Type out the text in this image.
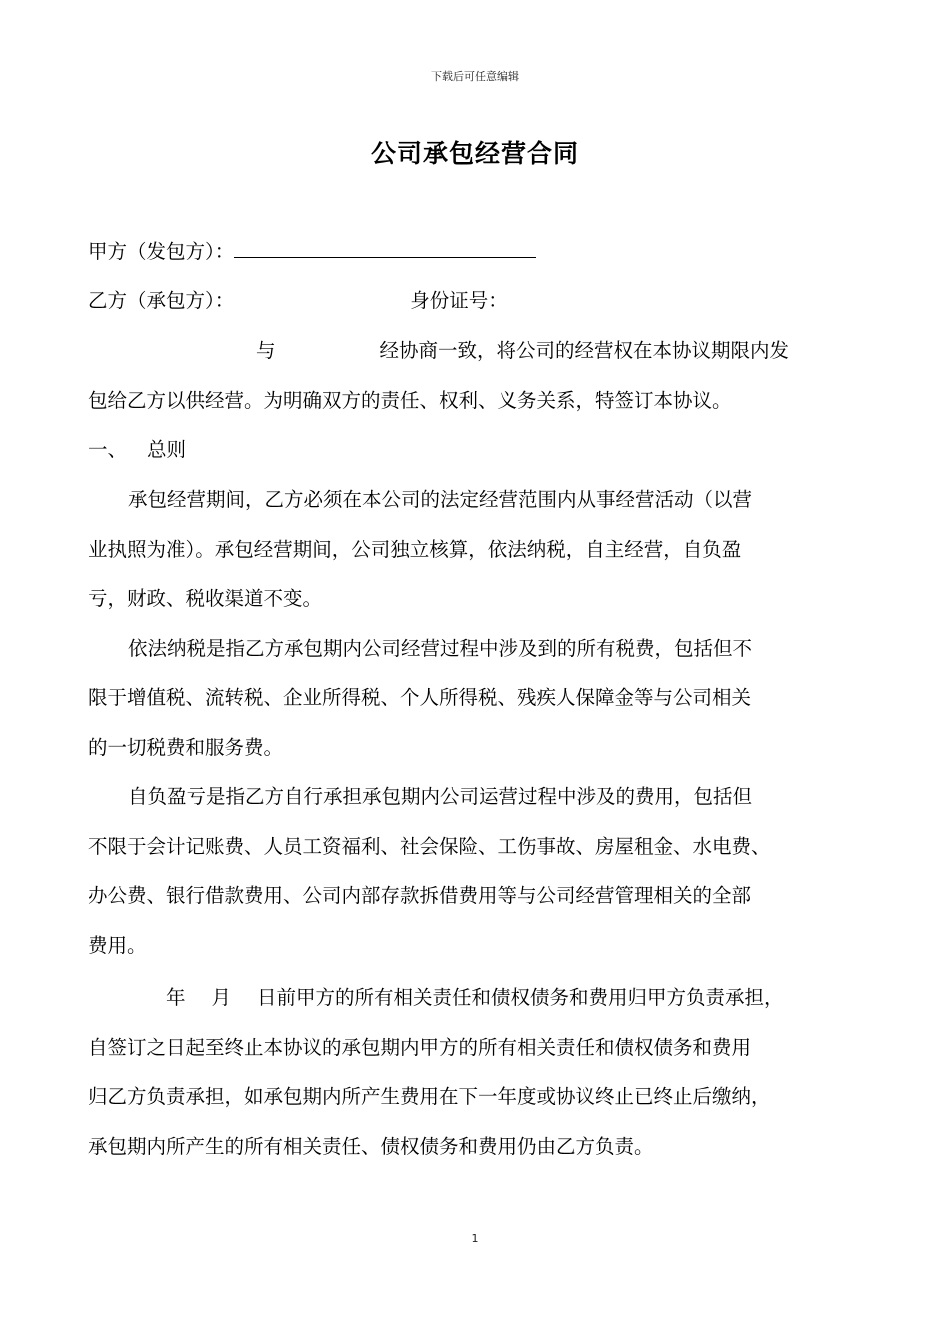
下载后可任意编辑
公司承包经营合同
甲方（发包方）：
乙方（承包方）：	身份证号：
与	经协商一致，将公司的经营权在本协议期限内发
包给乙方以供经营。为明确双方的责任、权利、义务关系，特签订本协议。
一、 总则
承包经营期间，乙方必须在本公司的法定经营范围内从事经营活动（以营
业执照为准）。承包经营期间，公司独立核算，依法纳税，自主经营，自负盈
亏，财政、税收渠道不变。
依法纳税是指乙方承包期内公司经营过程中涉及到的所有税费，包括但不
限于增值税、流转税、企业所得税、个人所得税、残疾人保障金等与公司相关
的一切税费和服务费。
自负盈亏是指乙方自行承担承包期内公司运营过程中涉及的费用，包括但
不限于会计记账费、人员工资福利、社会保险、工伤事故、房屋租金、水电费、
办公费、银行借款费用、公司内部存款拆借费用等与公司经营管理相关的全部
费用。
年 月 日前甲方的所有相关责任和债权债务和费用归甲方负责承担，
自签订之日起至终止本协议的承包期内甲方的所有相关责任和债权债务和费用
归乙方负责承担，如承包期内所产生费用在下一年度或协议终止已终止后缴纳，
承包期内所产生的所有相关责任、债权债务和费用仍由乙方负责。
1
